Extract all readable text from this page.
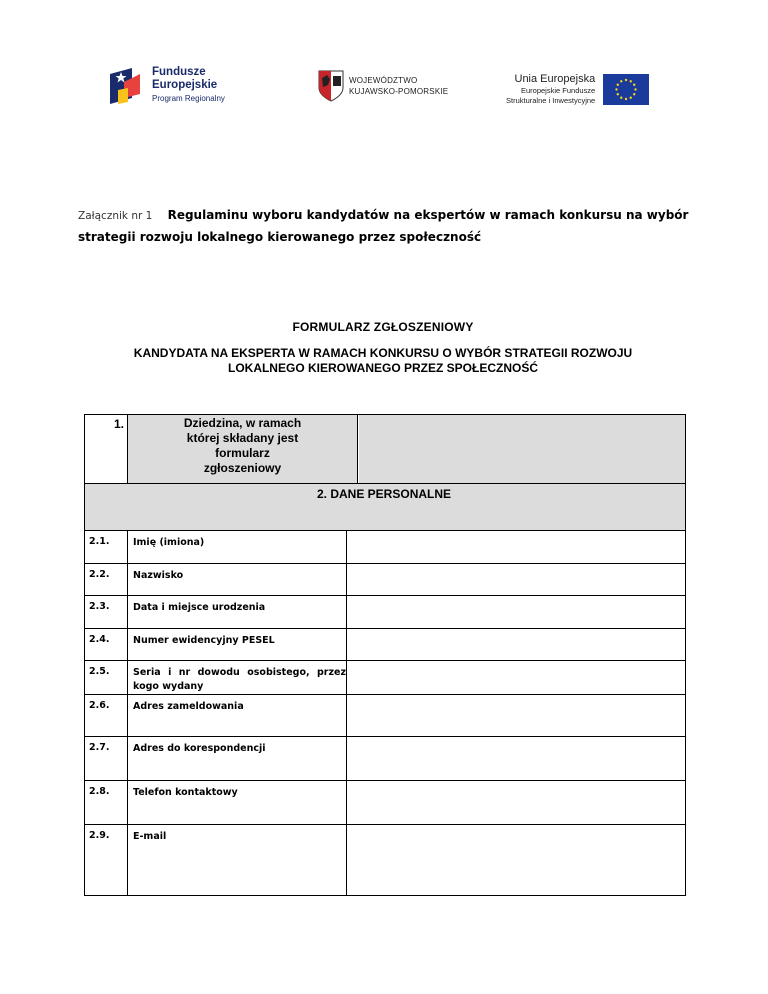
Fundusze
Europejskie
Program Regionalny
WOJEWÓDZTWO
KUJAWSKO-POMORSKIE
Unia Europejska
Europejskie Fundusze
Strukturalne i Inwestycyjne
Załącznik nr 1 Regulaminu wyboru kandydatów na ekspertów w ramach konkursu na wybór strategii rozwoju lokalnego kierowanego przez społeczność
FORMULARZ ZGŁOSZENIOWY
KANDYDATA NA EKSPERTA W RAMACH KONKURSU O WYBÓR STRATEGII ROZWOJU
LOKALNEGO KIEROWANEGO PRZEZ SPOŁECZNOŚĆ
1.	Dziedzina, w ramach
której składany jest
formularz
zgłoszeniowy
2. DANE PERSONALNE
2.1.	Imię (imiona)
2.2.	Nazwisko
2.3.	Data i miejsce urodzenia
2.4.	Numer ewidencyjny PESEL
2.5.	Seria i nr dowodu osobistego, przez kogo wydany
2.6.	Adres zameldowania
2.7.	Adres do korespondencji
2.8.	Telefon kontaktowy
2.9.	E-mail
